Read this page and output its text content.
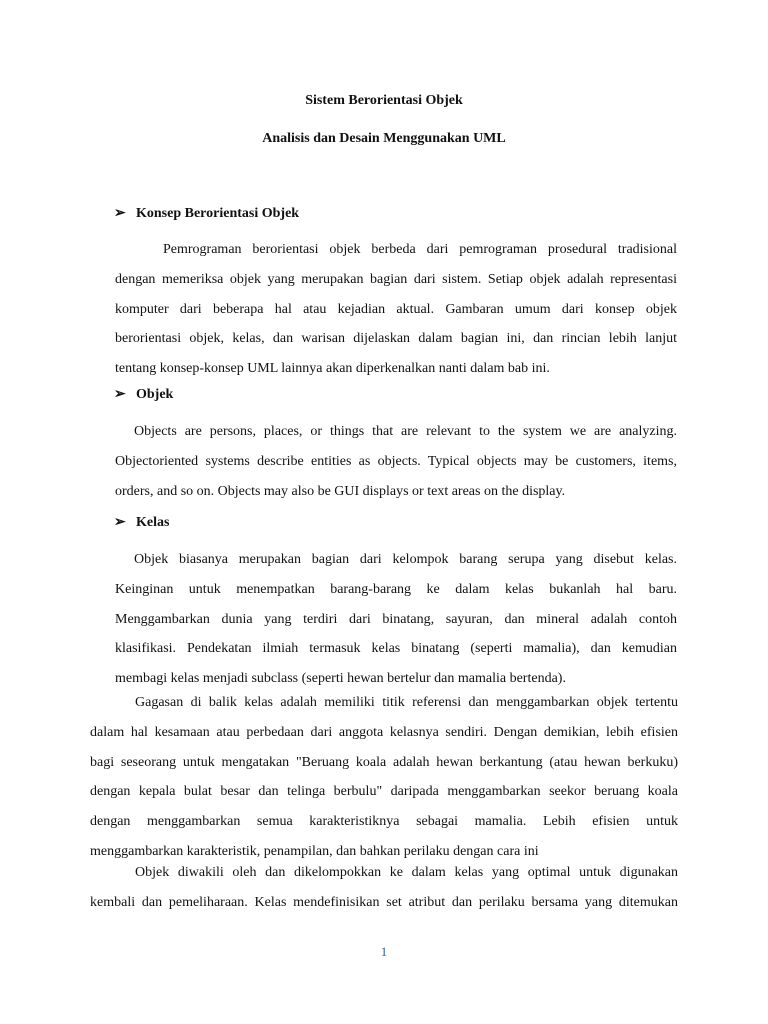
Sistem Berorientasi Objek
Analisis dan Desain Menggunakan UML
➢ Konsep Berorientasi Objek
Pemrograman berorientasi objek berbeda dari pemrograman prosedural tradisional
dengan memeriksa objek yang merupakan bagian dari sistem. Setiap objek adalah representasi
komputer dari beberapa hal atau kejadian aktual. Gambaran umum dari konsep objek
berorientasi objek, kelas, dan warisan dijelaskan dalam bagian ini, dan rincian lebih lanjut
tentang konsep-konsep UML lainnya akan diperkenalkan nanti dalam bab ini.
➢ Objek
Objects are persons, places, or things that are relevant to the system we are analyzing.
Objectoriented systems describe entities as objects. Typical objects may be customers, items,
orders, and so on. Objects may also be GUI displays or text areas on the display.
➢ Kelas
Objek biasanya merupakan bagian dari kelompok barang serupa yang disebut kelas.
Keinginan untuk menempatkan barang-barang ke dalam kelas bukanlah hal baru.
Menggambarkan dunia yang terdiri dari binatang, sayuran, dan mineral adalah contoh
klasifikasi. Pendekatan ilmiah termasuk kelas binatang (seperti mamalia), dan kemudian
membagi kelas menjadi subclass (seperti hewan bertelur dan mamalia bertenda).
Gagasan di balik kelas adalah memiliki titik referensi dan menggambarkan objek tertentu
dalam hal kesamaan atau perbedaan dari anggota kelasnya sendiri. Dengan demikian, lebih efisien
bagi seseorang untuk mengatakan "Beruang koala adalah hewan berkantung (atau hewan berkuku)
dengan kepala bulat besar dan telinga berbulu" daripada menggambarkan seekor beruang koala
dengan menggambarkan semua karakteristiknya sebagai mamalia. Lebih efisien untuk
menggambarkan karakteristik, penampilan, dan bahkan perilaku dengan cara ini
Objek diwakili oleh dan dikelompokkan ke dalam kelas yang optimal untuk digunakan
kembali dan pemeliharaan. Kelas mendefinisikan set atribut dan perilaku bersama yang ditemukan
1
